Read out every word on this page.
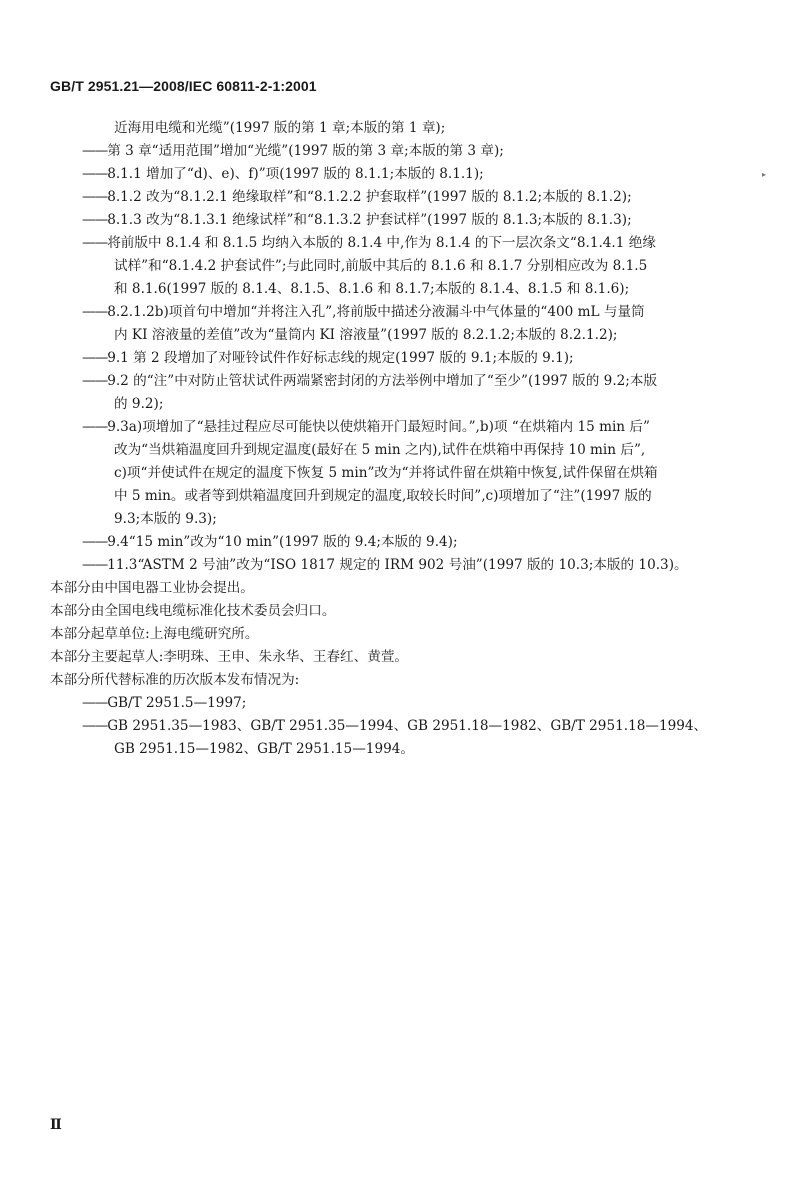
GB/T 2951.21—2008/IEC 60811-2-1:2001
▸
近海用电缆和光缆”(1997 版的第 1 章;本版的第 1 章);
—— 第 3 章“适用范围”增加“光缆”(1997 版的第 3 章;本版的第 3 章);
—— 8.1.1 增加了“d)、e)、f)”项(1997 版的 8.1.1;本版的 8.1.1);
—— 8.1.2 改为“8.1.2.1 绝缘取样”和“8.1.2.2 护套取样”(1997 版的 8.1.2;本版的 8.1.2);
—— 8.1.3 改为“8.1.3.1 绝缘试样”和“8.1.3.2 护套试样”(1997 版的 8.1.3;本版的 8.1.3);
—— 将前版中 8.1.4 和 8.1.5 均纳入本版的 8.1.4 中,作为 8.1.4 的下一层次条文“8.1.4.1 绝缘
试样”和“8.1.4.2 护套试件”;与此同时,前版中其后的 8.1.6 和 8.1.7 分别相应改为 8.1.5
和 8.1.6(1997 版的 8.1.4、8.1.5、8.1.6 和 8.1.7;本版的 8.1.4、8.1.5 和 8.1.6);
—— 8.2.1.2b)项首句中增加“并将注入孔”,将前版中描述分液漏斗中气体量的“400 mL 与量筒
内 KI 溶液量的差值”改为“量筒内 KI 溶液量”(1997 版的 8.2.1.2;本版的 8.2.1.2);
—— 9.1 第 2 段增加了对哑铃试件作好标志线的规定(1997 版的 9.1;本版的 9.1);
—— 9.2 的“注”中对防止管状试件两端紧密封闭的方法举例中增加了“至少”(1997 版的 9.2;本版
的 9.2);
—— 9.3a)项增加了“悬挂过程应尽可能快以使烘箱开门最短时间。”,b)项 “在烘箱内 15 min 后”
改为“当烘箱温度回升到规定温度(最好在 5 min 之内),试件在烘箱中再保持 10 min 后”,
c)项“并使试件在规定的温度下恢复 5 min”改为“并将试件留在烘箱中恢复,试件保留在烘箱
中 5 min。或者等到烘箱温度回升到规定的温度,取较长时间”,c)项增加了“注”(1997 版的
9.3;本版的 9.3);
—— 9.4“15 min”改为“10 min”(1997 版的 9.4;本版的 9.4);
—— 11.3“ASTM 2 号油”改为“ISO 1817 规定的 IRM 902 号油”(1997 版的 10.3;本版的 10.3)。
本部分由中国电器工业协会提出。
本部分由全国电线电缆标准化技术委员会归口。
本部分起草单位:上海电缆研究所。
本部分主要起草人:李明珠、王申、朱永华、王春红、黄萱。
本部分所代替标准的历次版本发布情况为:
—— GB/T 2951.5—1997;
—— GB 2951.35—1983、GB/T 2951.35—1994、GB 2951.18—1982、GB/T 2951.18—1994、
GB 2951.15—1982、GB/T 2951.15—1994。
Ⅱ
